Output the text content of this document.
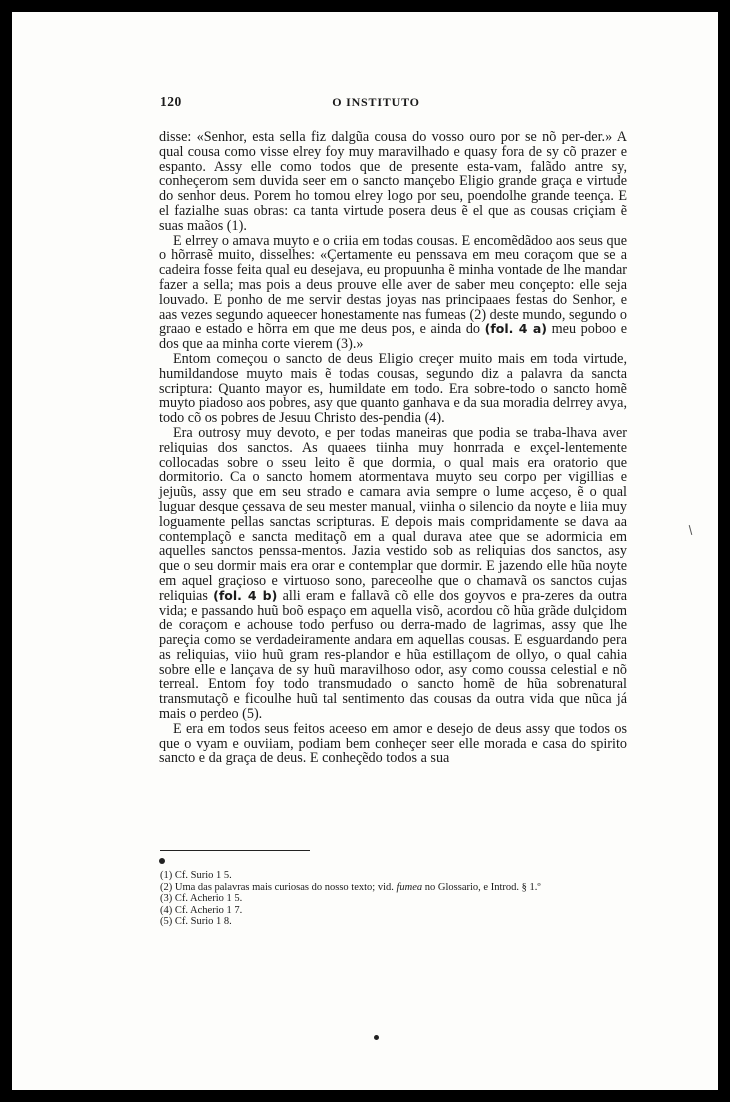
120	O INSTITUTO

disse: «Senhor, esta sella fiz dalgũa cousa do vosso ouro por se nõ per-der.» A qual cousa como visse elrey foy muy maravilhado e quasy fora de sy cõ prazer e espanto. Assy elle como todos que de presente esta-vam, falãdo antre sy, conheçerom sem duvida seer em o sancto mançebo Eligio grande graça e virtude do senhor deus. Porem ho tomou elrey logo por seu, poendolhe grande teença. E el fazialhe suas obras: ca tanta virtude posera deus ẽ el que as cousas criçiam ẽ suas maãos (1).

E elrrey o amava muyto e o criia em todas cousas. E encomẽdãdoo aos seus que o hõrrasẽ muito, disselhes: «Çertamente eu penssava em meu coraçom que se a cadeira fosse feita qual eu desejava, eu propuunha ẽ minha vontade de lhe mandar fazer a sella; mas pois a deus prouve elle aver de saber meu conçepto: elle seja louvado. E ponho de me servir destas joyas nas principaaes festas do Senhor, e aas vezes segundo aqueecer honestamente nas fumeas (2) deste mundo, segundo o graao e estado e hõrra em que me deus pos, e ainda do (fol. 4 a) meu poboo e dos que aa minha corte vierem (3).»

Entom começou o sancto de deus Eligio creçer muito mais em toda virtude, humildandose muyto mais ẽ todas cousas, segundo diz a palavra da sancta scriptura: Quanto mayor es, humildate em todo. Era sobre-todo o sancto homẽ muyto piadoso aos pobres, asy que quanto ganhava e da sua moradia delrrey avya, todo cõ os pobres de Jesuu Christo des-pendia (4).

Era outrosy muy devoto, e per todas maneiras que podia se traba-lhava aver reliquias dos sanctos. As quaees tiinha muy honrrada e exçel-lentemente collocadas sobre o sseu leito ẽ que dormia, o qual mais era oratorio que dormitorio. Ca o sancto homem atormentava muyto seu corpo per vigillias e jejuũs, assy que em seu strado e camara avia sempre o lume acçeso, ẽ o qual luguar desque çessava de seu mester manual, viinha o silencio da noyte e liia muy loguamente pellas sanctas scripturas. E depois mais compridamente se dava aa contemplaçõ e sancta meditaçõ em a qual durava atee que se adormicia em aquelles sanctos penssa-mentos. Jazia vestido sob as reliquias dos sanctos, asy que o seu dormir mais era orar e contemplar que dormir. E jazendo elle hũa noyte em aquel graçioso e virtuoso sono, pareceolhe que o chamavã os sanctos cujas reliquias (fol. 4 b) alli eram e fallavã cõ elle dos goyvos e pra-zeres da outra vida; e passando huũ boõ espaço em aquella visõ, acordou cõ hũa grãde dulçidom de coraçom e achouse todo perfuso ou derra-mado de lagrimas, assy que lhe pareçia como se verdadeiramente andara em aquellas cousas. E esguardando pera as reliquias, viio huũ gram res-plandor e hũa estillaçom de ollyo, o qual cahia sobre elle e lançava de sy huũ maravilhoso odor, asy como coussa celestial e nõ terreal. Entom foy todo transmudado o sancto homẽ de hũa sobrenatural transmutaçõ e ficoulhe huũ tal sentimento das cousas da outra vida que nũca já mais o perdeo (5).

E era em todos seus feitos aceeso em amor e desejo de deus assy que todos os que o vyam e ouviiam, podiam bem conheçer seer elle morada e casa do spirito sancto e da graça de deus. E conheçẽdo todos a sua

(1) Cf. Surio 1 5.
(2) Uma das palavras mais curiosas do nosso texto; vid. fumea no Glossario, e Introd. § 1.º
(3) Cf. Acherio 1 5.
(4) Cf. Acherio 1 7.
(5) Cf. Surio 1 8.
